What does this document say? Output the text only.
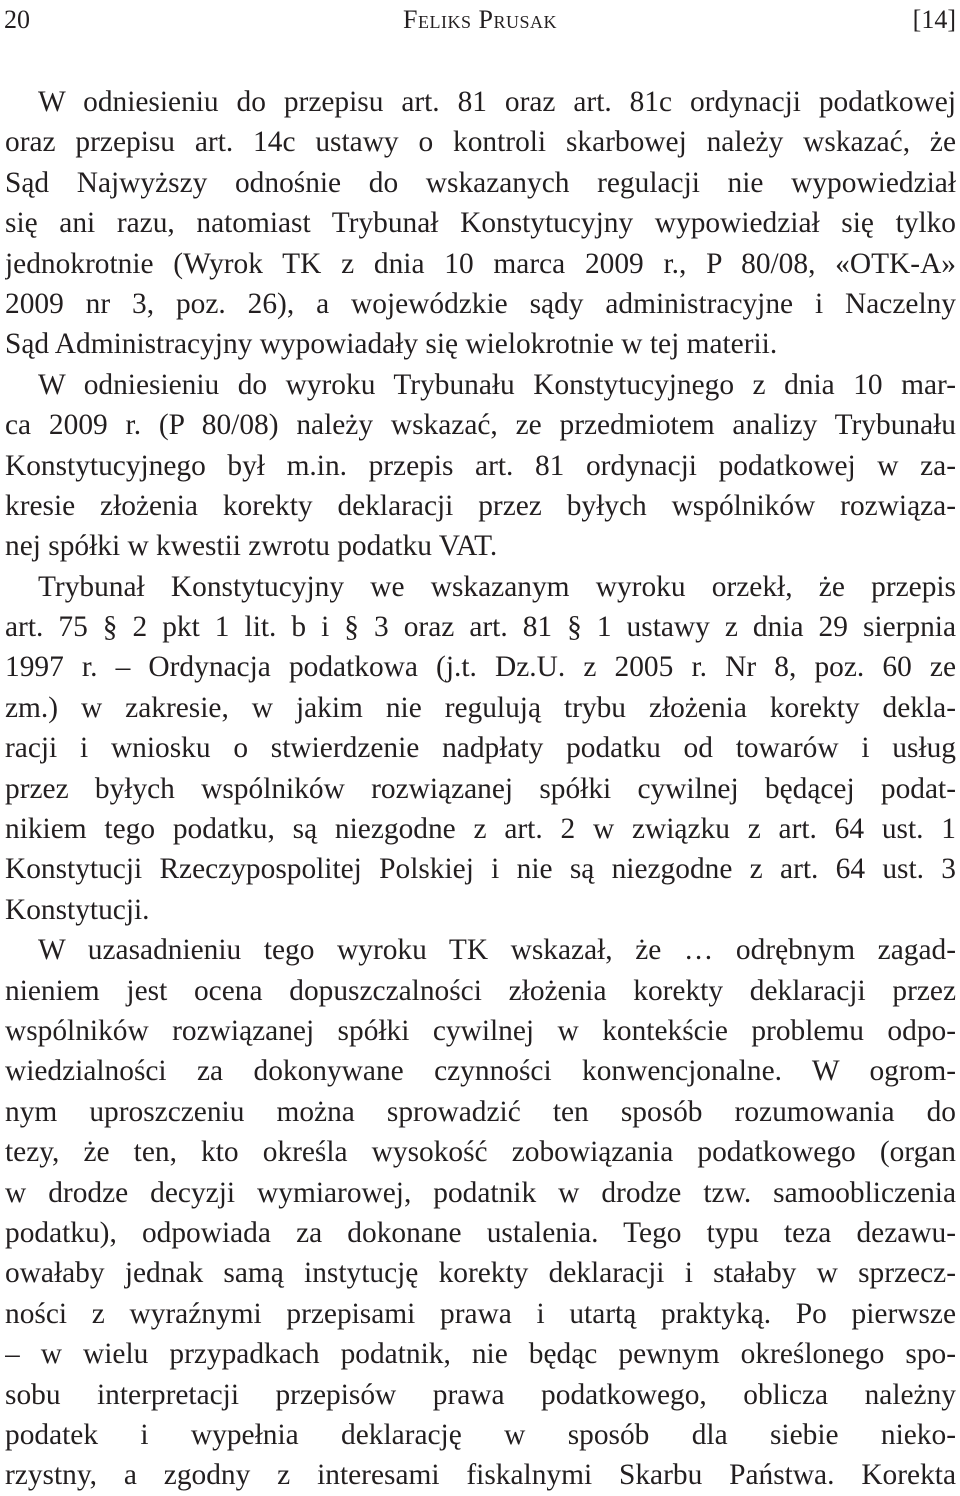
20	Feliks Prusak	[14]
W odniesieniu do przepisu art. 81 oraz art. 81c ordynacji podatkowej
oraz przepisu art. 14c ustawy o kontroli skarbowej należy wskazać, że
Sąd Najwyższy odnośnie do wskazanych regulacji nie wypowiedział
się ani razu, natomiast Trybunał Konstytucyjny wypowiedział się tylko
jednokrotnie (Wyrok TK z dnia 10 marca 2009 r., P 80/08, «OTK-A»
2009 nr 3, poz. 26), a wojewódzkie sądy administracyjne i Naczelny
Sąd Administracyjny wypowiadały się wielokrotnie w tej materii.
W odniesieniu do wyroku Trybunału Konstytucyjnego z dnia 10 mar-
ca 2009 r. (P 80/08) należy wskazać, ze przedmiotem analizy Trybunału
Konstytucyjnego był m.in. przepis art. 81 ordynacji podatkowej w za-
kresie złożenia korekty deklaracji przez byłych wspólników rozwiąza-
nej spółki w kwestii zwrotu podatku VAT.
Trybunał Konstytucyjny we wskazanym wyroku orzekł, że przepis
art. 75 § 2 pkt 1 lit. b i § 3 oraz art. 81 § 1 ustawy z dnia 29 sierpnia
1997 r. – Ordynacja podatkowa (j.t. Dz.U. z 2005 r. Nr 8, poz. 60 ze
zm.) w zakresie, w jakim nie regulują trybu złożenia korekty dekla-
racji i wniosku o stwierdzenie nadpłaty podatku od towarów i usług
przez byłych wspólników rozwiązanej spółki cywilnej będącej podat-
nikiem tego podatku, są niezgodne z art. 2 w związku z art. 64 ust. 1
Konstytucji Rzeczypospolitej Polskiej i nie są niezgodne z art. 64 ust. 3
Konstytucji.
W uzasadnieniu tego wyroku TK wskazał, że … odrębnym zagad-
nieniem jest ocena dopuszczalności złożenia korekty deklaracji przez
wspólników rozwiązanej spółki cywilnej w kontekście problemu odpo-
wiedzialności za dokonywane czynności konwencjonalne. W ogrom-
nym uproszczeniu można sprowadzić ten sposób rozumowania do
tezy, że ten, kto określa wysokość zobowiązania podatkowego (organ
w drodze decyzji wymiarowej, podatnik w drodze tzw. samoobliczenia
podatku), odpowiada za dokonane ustalenia. Tego typu teza dezawu-
owałaby jednak samą instytucję korekty deklaracji i stałaby w sprzecz-
ności z wyraźnymi przepisami prawa i utartą praktyką. Po pierwsze
– w wielu przypadkach podatnik, nie będąc pewnym określonego spo-
sobu interpretacji przepisów prawa podatkowego, oblicza należny
podatek i wypełnia deklarację w sposób dla siebie nieko-
rzystny, a zgodny z interesami fiskalnymi Skarbu Państwa. Korekta
